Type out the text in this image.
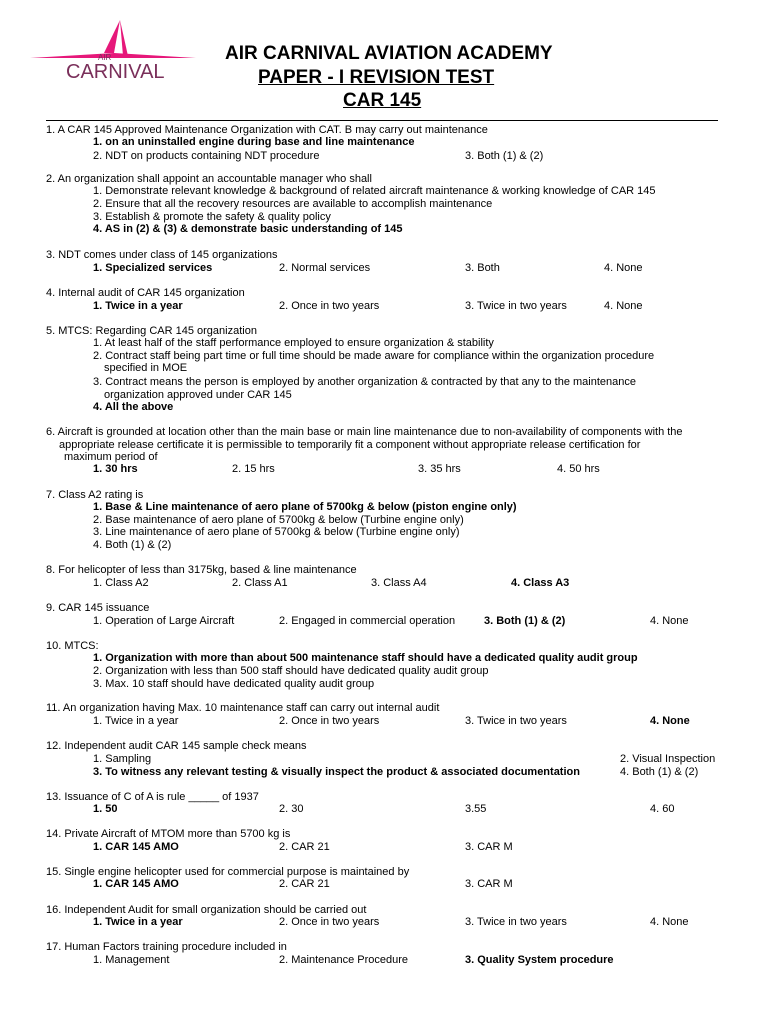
AIR
CARNIVAL
AIR CARNIVAL AVIATION ACADEMY
PAPER - I REVISION TEST
CAR 145
1. A CAR 145 Approved Maintenance Organization with CAT. B may carry out maintenance
1. on an uninstalled engine during base and line maintenance
2. NDT on products containing NDT procedure	3. Both (1) & (2)
2. An organization shall appoint an accountable manager who shall
1. Demonstrate relevant knowledge & background of related aircraft maintenance & working knowledge of CAR 145
2. Ensure that all the recovery resources are available to accomplish maintenance
3. Establish & promote the safety & quality policy
4. AS in (2) & (3) & demonstrate basic understanding of 145
3. NDT comes under class of 145 organizations
1. Specialized services	2. Normal services	3. Both	4. None
4. Internal audit of CAR 145 organization
1. Twice in a year	2. Once in two years	3. Twice in two years	4. None
5. MTCS: Regarding CAR 145 organization
1. At least half of the staff performance employed to ensure organization & stability
2. Contract staff being part time or full time should be made aware for compliance within the organization procedure
specified in MOE
3. Contract means the person is employed by another organization & contracted by that any to the maintenance
organization approved under CAR 145
4. All the above
6. Aircraft is grounded at location other than the main base or main line maintenance due to non-availability of components with the
appropriate release certificate it is permissible to temporarily fit a component without appropriate release certification for
maximum period of
1. 30 hrs	2. 15 hrs	3. 35 hrs	4. 50 hrs
7. Class A2 rating is
1. Base & Line maintenance of aero plane of 5700kg & below (piston engine only)
2. Base maintenance of aero plane of 5700kg & below (Turbine engine only)
3. Line maintenance of aero plane of 5700kg & below (Turbine engine only)
4. Both (1) & (2)
8. For helicopter of less than 3175kg, based & line maintenance
1. Class A2	2. Class A1	3. Class A4	4. Class A3
9. CAR 145 issuance
1. Operation of Large Aircraft	2. Engaged in commercial operation	3. Both (1) & (2)	4. None
10. MTCS:
1. Organization with more than about 500 maintenance staff should have a dedicated quality audit group
2. Organization with less than 500 staff should have dedicated quality audit group
3. Max. 10 staff should have dedicated quality audit group
11. An organization having Max. 10 maintenance staff can carry out internal audit
1. Twice in a year	2. Once in two years	3. Twice in two years	4. None
12. Independent audit CAR 145 sample check means
1. Sampling	2. Visual Inspection
3. To witness any relevant testing & visually inspect the product & associated documentation	4. Both (1) & (2)
13. Issuance of C of A is rule _____ of 1937
1. 50	2. 30	3.55	4. 60
14. Private Aircraft of MTOM more than 5700 kg is
1. CAR 145 AMO	2. CAR 21	3. CAR M
15. Single engine helicopter used for commercial purpose is maintained by
1. CAR 145 AMO	2. CAR 21	3. CAR M
16. Independent Audit for small organization should be carried out
1. Twice in a year	2. Once in two years	3. Twice in two years	4. None
17. Human Factors training procedure included in
1. Management	2. Maintenance Procedure	3. Quality System procedure
